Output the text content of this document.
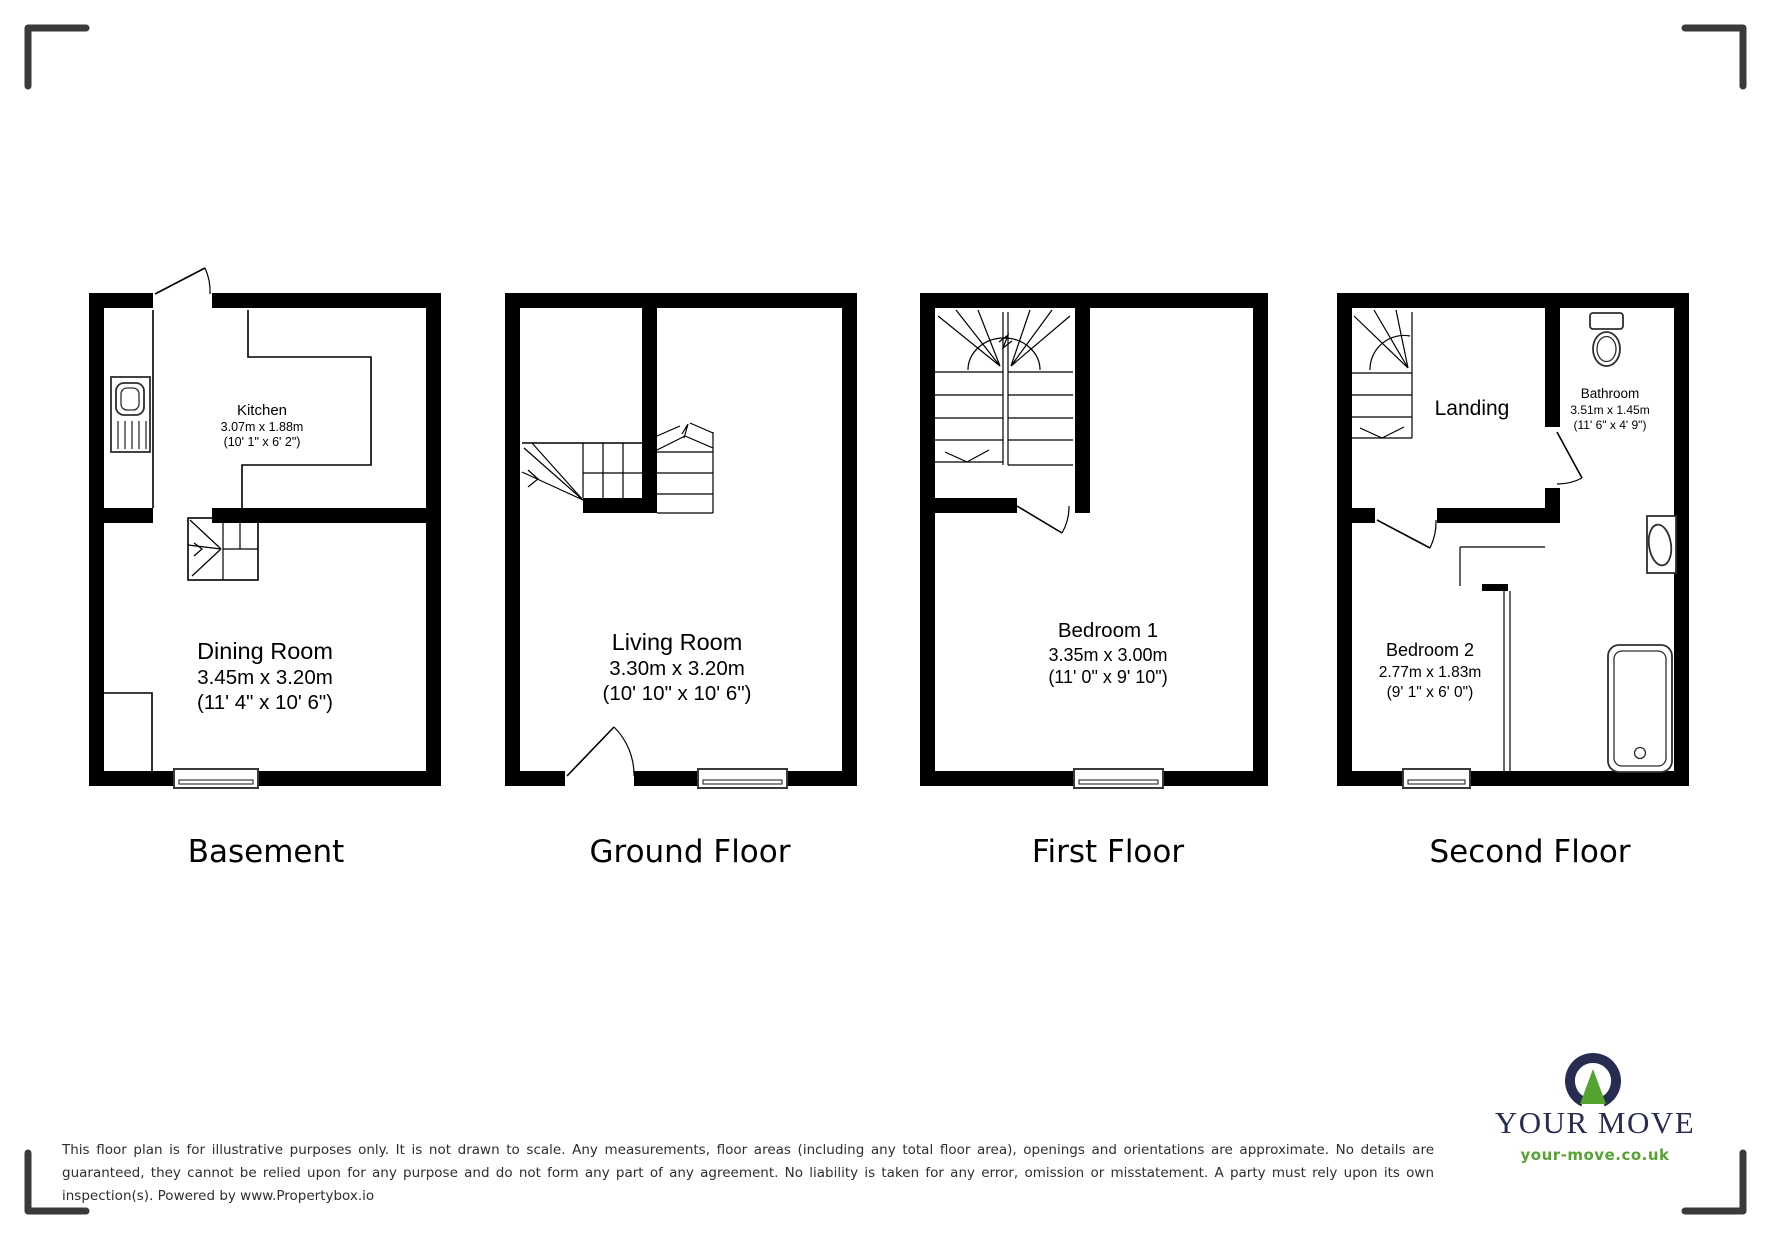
Kitchen
3.07m x 1.88m
(10' 1" x 6' 2")
Dining Room
3.45m x 3.20m
(11' 4" x 10' 6")
Living Room
3.30m x 3.20m
(10' 10" x 10' 6")
Bedroom 1
3.35m x 3.00m
(11' 0" x 9' 10")
Landing
Bathroom
3.51m x 1.45m
(11' 6" x 4' 9")
Bedroom 2
2.77m x 1.83m
(9' 1" x 6' 0")
Basement	Ground Floor	First Floor	Second Floor
YOUR MOVE
your-move.co.uk
This floor plan is for illustrative purposes only. It is not drawn to scale. Any measurements, floor areas (including any total floor area), openings and orientations are approximate. No details are guaranteed, they cannot be relied upon for any purpose and do not form any part of any agreement. No liability is taken for any error, omission or misstatement. A party must rely upon its own inspection(s). Powered by www.Propertybox.io
